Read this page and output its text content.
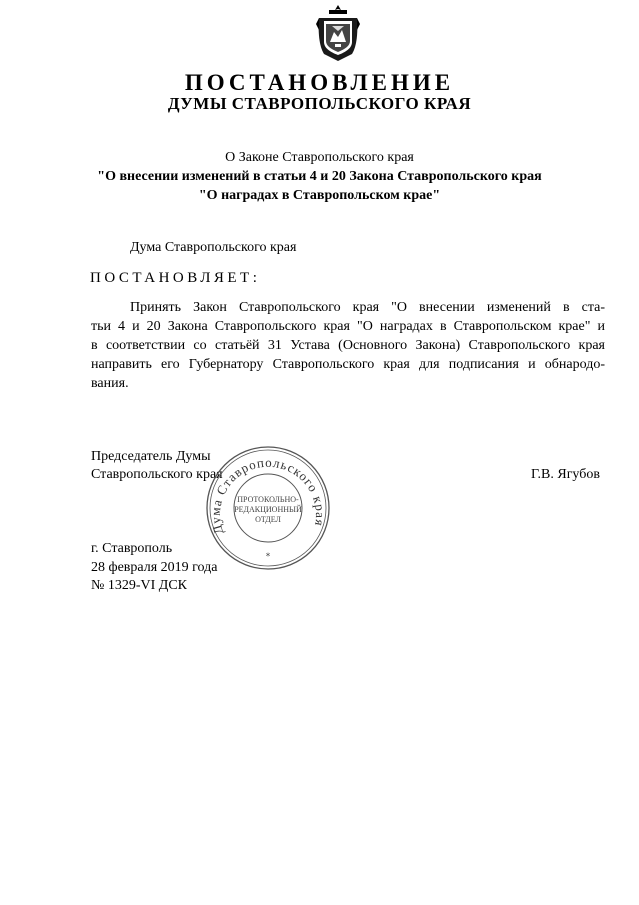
ПОСТАНОВЛЕНИЕ
ДУМЫ СТАВРОПОЛЬСКОГО КРАЯ
О Законе Ставропольского края
"О внесении изменений в статьи 4 и 20 Закона Ставропольского края
"О наградах в Ставропольском крае"
Дума Ставропольского края
ПОСТАНОВЛЯЕТ:
Принять Закон Ставропольского края "О внесении изменений в ста-
тьи 4 и 20 Закона Ставропольского края "О наградах в Ставропольском крае" и
в соответствии со статьёй 31 Устава (Основного Закона) Ставропольского края
направить его Губернатору Ставропольского края для подписания и обнародо-
вания.
Председатель Думы
Ставропольского края	Г.В. Ягубов
Дума Ставропольского края
ПРОТОКОЛЬНО-
РЕДАКЦИОННЫЙ
ОТДЕЛ
*
г. Ставрополь
28 февраля 2019 года
№ 1329-VI ДСК
